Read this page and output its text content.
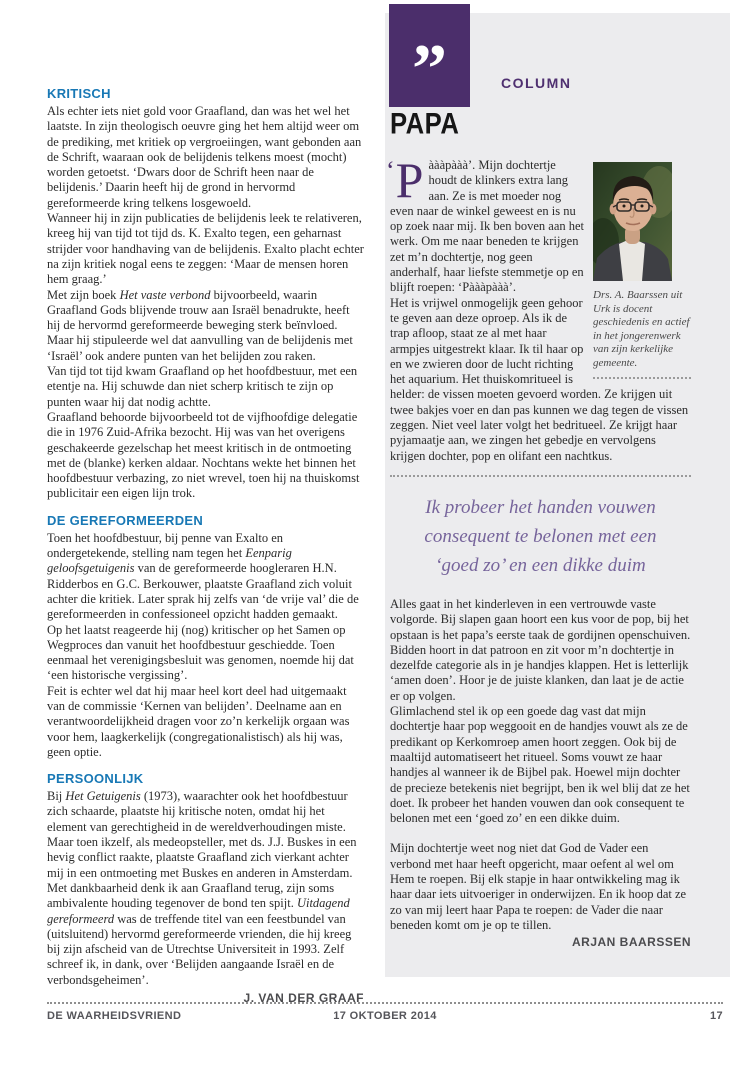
KRITISCH

Als echter iets niet gold voor Graafland, dan was het wel het laatste. In zijn theologisch oeuvre ging het hem altijd weer om de prediking, met kritiek op vergroeiingen, want gebonden aan de Schrift, waaraan ook de belijdenis telkens moest (mocht) worden getoetst. ‘Dwars door de Schrift heen naar de belijdenis.’ Daarin heeft hij de grond in hervormd gereformeerde kring telkens losgewoeld.

Wanneer hij in zijn publicaties de belijdenis leek te relativeren, kreeg hij van tijd tot tijd ds. K. Exalto tegen, een geharnast strijder voor handhaving van de belijdenis. Exalto placht echter na zijn kritiek nogal eens te zeggen: ‘Maar de mensen horen hem graag.’

Met zijn boek Het vaste verbond bijvoorbeeld, waarin Graafland Gods blijvende trouw aan Israël benadrukte, heeft hij de hervormd gereformeerde beweging sterk beïnvloed. Maar hij stipuleerde wel dat aanvulling van de belijdenis met ‘Israël’ ook andere punten van het belijden zou raken.

Van tijd tot tijd kwam Graafland op het hoofdbestuur, met een etentje na. Hij schuwde dan niet scherp kritisch te zijn op punten waar hij dat nodig achtte.

Graafland behoorde bijvoorbeeld tot de vijfhoofdige delegatie die in 1976 Zuid-Afrika bezocht. Hij was van het overigens geschakeerde gezelschap het meest kritisch in de ontmoeting met de (blanke) kerken aldaar. Nochtans wekte het binnen het hoofdbestuur verbazing, zo niet wrevel, toen hij na thuiskomst publicitair een eigen lijn trok.

DE GEREFORMEERDEN

Toen het hoofdbestuur, bij penne van Exalto en ondergetekende, stelling nam tegen het Eenparig geloofsgetuigenis van de gereformeerde hoogleraren H.N. Ridderbos en G.C. Berkouwer, plaatste Graafland zich voluit achter die kritiek. Later sprak hij zelfs van ‘de vrije val’ die de gereformeerden in confessioneel opzicht hadden gemaakt.

Op het laatst reageerde hij (nog) kritischer op het Samen op Wegproces dan vanuit het hoofdbestuur geschiedde. Toen eenmaal het verenigingsbesluit was genomen, noemde hij dat ‘een historische vergissing’.

Feit is echter wel dat hij maar heel kort deel had uitgemaakt van de commissie ‘Kernen van belijden’. Deelname aan en verantwoordelijkheid dragen voor zo’n kerkelijk orgaan was voor hem, laagkerkelijk (congregationalistisch) als hij was, geen optie.

PERSOONLIJK

Bij Het Getuigenis (1973), waarachter ook het hoofdbestuur zich schaarde, plaatste hij kritische noten, omdat hij het element van gerechtigheid in de wereldverhoudingen miste. Maar toen ikzelf, als medeopsteller, met ds. J.J. Buskes in een hevig conflict raakte, plaatste Graafland zich vierkant achter mij in een ontmoeting met Buskes en anderen in Amsterdam.

Met dankbaarheid denk ik aan Graafland terug, zijn soms ambivalente houding tegenover de bond ten spijt. Uitdagend gereformeerd was de treffende titel van een feestbundel van (uitsluitend) hervormd gereformeerde vrienden, die hij kreeg bij zijn afscheid van de Utrechtse Universiteit in 1993. Zelf schreef ik, in dank, over ‘Belijden aangaande Israël en de verbondsgeheimen’.

J. VAN DER GRAAF
”	COLUMN
PAPA
Drs. A. Baarssen uit Urk is docent geschiedenis en actief in het jongerenwerk van zijn kerkelijke gemeente.

‘P àààpààà’. Mijn dochtertje houdt de klinkers extra lang aan. Ze is met moeder nog even naar de winkel geweest en is nu op zoek naar mij. Ik ben boven aan het werk. Om me naar beneden te krijgen zet m’n dochtertje, nog geen anderhalf, haar liefste stemmetje op en blijft roepen: ‘Pàààpààà’.

Het is vrijwel onmogelijk geen gehoor te geven aan deze oproep. Als ik de trap afloop, staat ze al met haar armpjes uitgestrekt klaar. Ik til haar op en we zwieren door de lucht richting het aquarium. Het thuiskomritueel is helder: de vissen moeten gevoerd worden. Ze krijgen uit twee bakjes voer en dan pas kunnen we dag tegen de vissen zeggen. Niet veel later volgt het bedritueel. Ze krijgt haar pyjamaatje aan, we zingen het gebedje en vervolgens krijgen dochter, pop en olifant een nachtkus.

Ik probeer het handen vouwen
consequent te belonen met een
‘goed zo’ en een dikke duim

Alles gaat in het kinderleven in een vertrouwde vaste volgorde. Bij slapen gaan hoort een kus voor de pop, bij het opstaan is het papa’s eerste taak de gordijnen openschuiven. Bidden hoort in dat patroon en zit voor m’n dochtertje in dezelfde categorie als in je handjes klappen. Het is letterlijk ‘amen doen’. Hoor je de juiste klanken, dan laat je de actie er op volgen.

Glimlachend stel ik op een goede dag vast dat mijn dochtertje haar pop weggooit en de handjes vouwt als ze de predikant op Kerkomroep amen hoort zeggen. Ook bij de maaltijd automatiseert het ritueel. Soms vouwt ze haar handjes al wanneer ik de Bijbel pak. Hoewel mijn dochter de precieze betekenis niet begrijpt, ben ik wel blij dat ze het doet. Ik probeer het handen vouwen dan ook consequent te belonen met een ‘goed zo’ en een dikke duim.

Mijn dochtertje weet nog niet dat God de Vader een verbond met haar heeft opgericht, maar oefent al wel om Hem te roepen. Bij elk stapje in haar ontwikkeling mag ik haar daar iets uitvoeriger in onderwijzen. En ik hoop dat ze zo van mij leert haar Papa te roepen: de Vader die naar beneden komt om je op te tillen.

ARJAN BAARSSEN
DE WAARHEIDSVRIEND	17 OKTOBER 2014	17
